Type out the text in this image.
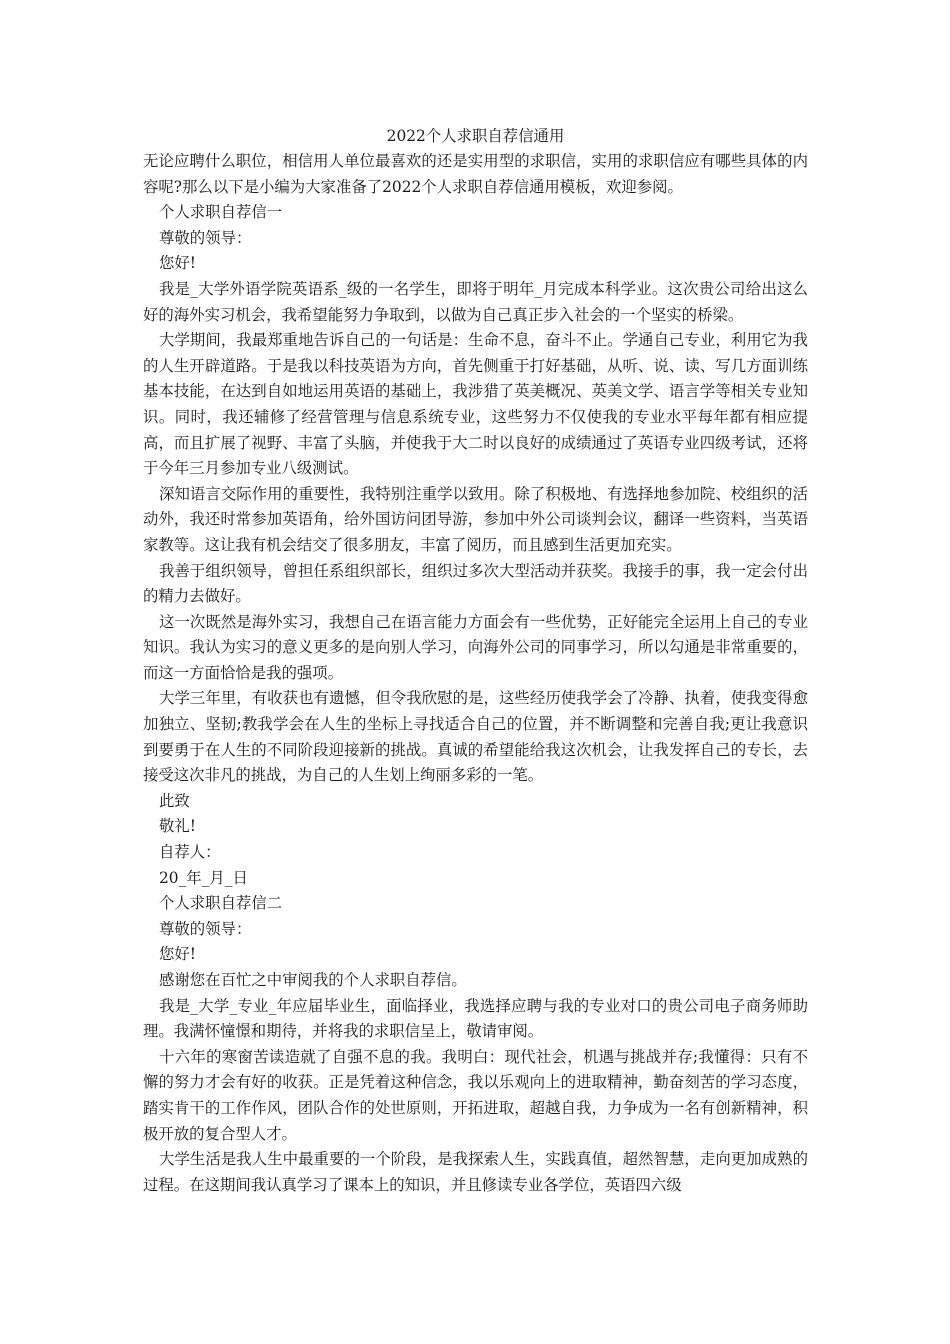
2022个人求职自荐信通用

无论应聘什么职位，相信用人单位最喜欢的还是实用型的求职信，实用的求职信应有哪些具体的内容呢?那么以下是小编为大家准备了2022个人求职自荐信通用模板，欢迎参阅。

个人求职自荐信一

尊敬的领导：

您好!

我是_大学外语学院英语系_级的一名学生，即将于明年_月完成本科学业。这次贵公司给出这么好的海外实习机会，我希望能努力争取到，以做为自己真正步入社会的一个坚实的桥梁。

大学期间，我最郑重地告诉自己的一句话是：生命不息，奋斗不止。学通自己专业，利用它为我的人生开辟道路。于是我以科技英语为方向，首先侧重于打好基础，从听、说、读、写几方面训练基本技能，在达到自如地运用英语的基础上，我涉猎了英美概况、英美文学、语言学等相关专业知识。同时，我还辅修了经营管理与信息系统专业，这些努力不仅使我的专业水平每年都有相应提高，而且扩展了视野、丰富了头脑，并使我于大二时以良好的成绩通过了英语专业四级考试，还将于今年三月参加专业八级测试。

深知语言交际作用的重要性，我特别注重学以致用。除了积极地、有选择地参加院、校组织的活动外，我还时常参加英语角，给外国访问团导游，参加中外公司谈判会议，翻译一些资料，当英语家教等。这让我有机会结交了很多朋友，丰富了阅历，而且感到生活更加充实。

我善于组织领导，曾担任系组织部长，组织过多次大型活动并获奖。我接手的事，我一定会付出的精力去做好。

这一次既然是海外实习，我想自己在语言能力方面会有一些优势，正好能完全运用上自己的专业知识。我认为实习的意义更多的是向别人学习，向海外公司的同事学习，所以勾通是非常重要的，而这一方面恰恰是我的强项。

大学三年里，有收获也有遗憾，但令我欣慰的是，这些经历使我学会了冷静、执着，使我变得愈加独立、坚韧;教我学会在人生的坐标上寻找适合自己的位置，并不断调整和完善自我;更让我意识到要勇于在人生的不同阶段迎接新的挑战。真诚的希望能给我这次机会，让我发挥自己的专长，去接受这次非凡的挑战，为自己的人生划上绚丽多彩的一笔。

此致

敬礼!

自荐人：

20_年_月_日

个人求职自荐信二

尊敬的领导：

您好!

感谢您在百忙之中审阅我的个人求职自荐信。

我是_大学_专业_年应届毕业生，面临择业，我选择应聘与我的专业对口的贵公司电子商务师助理。我满怀憧憬和期待，并将我的求职信呈上，敬请审阅。

十六年的寒窗苦读造就了自强不息的我。我明白：现代社会，机遇与挑战并存;我懂得：只有不懈的努力才会有好的收获。正是凭着这种信念，我以乐观向上的进取精神，勤奋刻苦的学习态度，踏实肯干的工作作风，团队合作的处世原则，开拓进取，超越自我，力争成为一名有创新精神，积极开放的复合型人才。

大学生活是我人生中最重要的一个阶段，是我探索人生，实践真值，超然智慧，走向更加成熟的过程。在这期间我认真学习了课本上的知识，并且修读专业各学位，英语四六级
